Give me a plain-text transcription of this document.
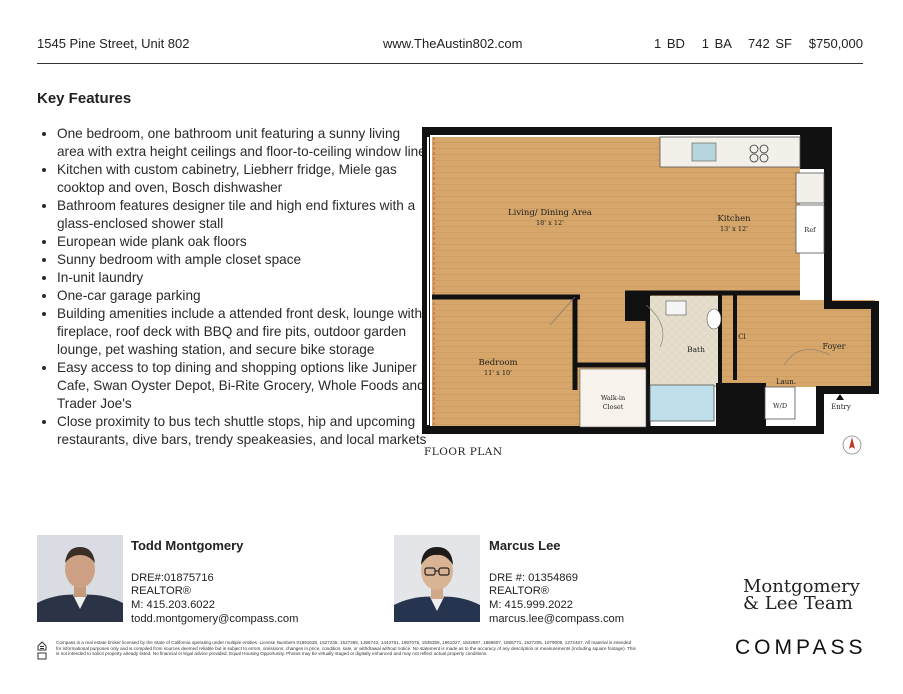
1545 Pine Street, Unit 802	www.TheAustin802.com	1 BD   1 BA   742 SF   $750,000
Key Features
• One bedroom, one bathroom unit featuring a sunny living area with extra height ceilings and floor-to-ceiling window line
• Kitchen with custom cabinetry, Liebherr fridge, Miele gas cooktop and oven, Bosch dishwasher
• Bathroom features designer tile and high end fixtures with a glass-enclosed shower stall
• European wide plank oak floors
• Sunny bedroom with ample closet space
• In-unit laundry
• One-car garage parking
• Building amenities include a attended front desk, lounge with fireplace, roof deck with BBQ and fire pits, outdoor garden lounge, pet washing station, and secure bike storage
• Easy access to top dining and shopping options like Juniper Cafe, Swan Oyster Depot, Bi-Rite Grocery, Whole Foods and Trader Joe's
• Close proximity to bus tech shuttle stops, hip and upcoming restaurants, dive bars, trendy speakeasies, and local markets
Living/ Dining Area
18' x 12'	Kitchen
13' x 12'	Ref
Bedroom
11' x 10'
Walk-in
Closet
Bath
Cl
Foyer
Laun.
W/D	Entry
FLOOR PLAN
Todd Montgomery
DRE#:01875716
REALTOR®
M: 415.203.6022
todd.montgomery@compass.com
Marcus Lee
DRE #: 01354869
REALTOR®
M: 415.999.2022
marcus.lee@compass.com
Montgomery
& Lee Team
COMPASS
Compass is a real estate broker licensed by the State of California operating under multiple entities. License Numbers 01991628, 1527235, 1527365, 1356742, 1443761, 1997075, 1935359, 1961027, 1842987, 1869607, 1866771, 1527205, 1079009, 1272467. All material is intended for informational purposes only and is compiled from sources deemed reliable but is subject to errors, omissions, changes in price, condition, sale, or withdrawal without notice. No statement is made as to the accuracy of any description or measurements (including square footage). This is not intended to solicit property already listed. No financial or legal advice provided. Equal Housing Opportunity. Photos may be virtually staged or digitally enhanced and may not reflect actual property conditions.
